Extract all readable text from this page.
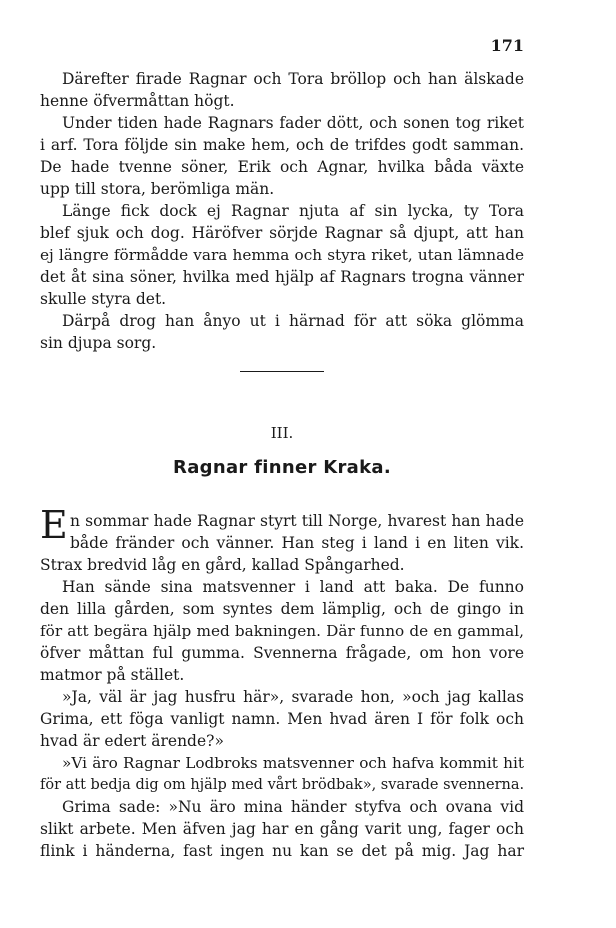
171
Därefter firade Ragnar och Tora bröllop och han älskade
henne öfvermåttan högt.
Under tiden hade Ragnars fader dött, och sonen tog riket
i arf. Tora följde sin make hem, och de trifdes godt samman.
De hade tvenne söner, Erik och Agnar, hvilka båda växte
upp till stora, berömliga män.
Länge fick dock ej Ragnar njuta af sin lycka, ty Tora
blef sjuk och dog. Häröfver sörjde Ragnar så djupt, att han
ej längre förmådde vara hemma och styra riket, utan lämnade
det åt sina söner, hvilka med hjälp af Ragnars trogna vänner
skulle styra det.
Därpå drog han ånyo ut i härnad för att söka glömma
sin djupa sorg.
III.
Ragnar finner Kraka.
E n sommar hade Ragnar styrt till Norge, hvarest han hade
både fränder och vänner. Han steg i land i en liten vik.
Strax bredvid låg en gård, kallad Spångarhed.
Han sände sina matsvenner i land att baka. De funno
den lilla gården, som syntes dem lämplig, och de gingo in
för att begära hjälp med bakningen. Där funno de en gammal,
öfver måttan ful gumma. Svennerna frågade, om hon vore
matmor på stället.
»Ja, väl är jag husfru här», svarade hon, »och jag kallas
Grima, ett föga vanligt namn. Men hvad ären I för folk och
hvad är edert ärende?»
»Vi äro Ragnar Lodbroks matsvenner och hafva kommit hit
för att bedja dig om hjälp med vårt brödbak», svarade svennerna.
Grima sade: »Nu äro mina händer styfva och ovana vid
slikt arbete. Men äfven jag har en gång varit ung, fager och
flink i händerna, fast ingen nu kan se det på mig. Jag har
